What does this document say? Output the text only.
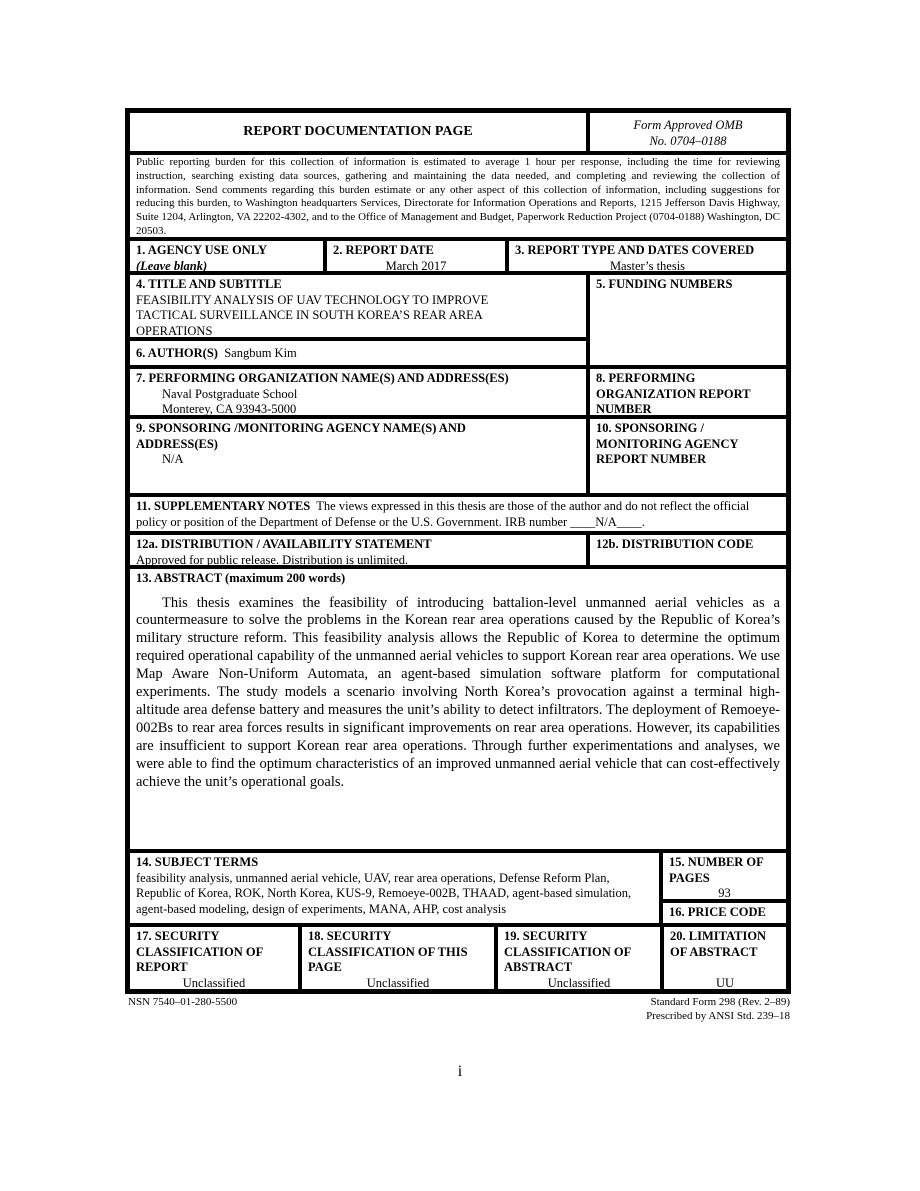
REPORT DOCUMENTATION PAGE	Form Approved OMB
No. 0704–0188
Public reporting burden for this collection of information is estimated to average 1 hour per response, including the time for reviewing instruction, searching existing data sources, gathering and maintaining the data needed, and completing and reviewing the collection of information. Send comments regarding this burden estimate or any other aspect of this collection of information, including suggestions for reducing this burden, to Washington headquarters Services, Directorate for Information Operations and Reports, 1215 Jefferson Davis Highway, Suite 1204, Arlington, VA 22202-4302, and to the Office of Management and Budget, Paperwork Reduction Project (0704-0188) Washington, DC 20503.
1. AGENCY USE ONLY
(Leave blank)
2. REPORT DATE
March 2017
3. REPORT TYPE AND DATES COVERED
Master’s thesis
4. TITLE AND SUBTITLE
FEASIBILITY ANALYSIS OF UAV TECHNOLOGY TO IMPROVE TACTICAL SURVEILLANCE IN SOUTH KOREA’S REAR AREA OPERATIONS
5. FUNDING NUMBERS
6. AUTHOR(S) Sangbum Kim
7. PERFORMING ORGANIZATION NAME(S) AND ADDRESS(ES)
Naval Postgraduate School
Monterey, CA 93943-5000
8. PERFORMING
ORGANIZATION REPORT
NUMBER
9. SPONSORING /MONITORING AGENCY NAME(S) AND
ADDRESS(ES)
N/A
10. SPONSORING /
MONITORING AGENCY
REPORT NUMBER
11. SUPPLEMENTARY NOTES The views expressed in this thesis are those of the author and do not reflect the official policy or position of the Department of Defense or the U.S. Government. IRB number ____N/A____.
12a. DISTRIBUTION / AVAILABILITY STATEMENT
Approved for public release. Distribution is unlimited.
12b. DISTRIBUTION CODE
13. ABSTRACT (maximum 200 words)

This thesis examines the feasibility of introducing battalion-level unmanned aerial vehicles as a countermeasure to solve the problems in the Korean rear area operations caused by the Republic of Korea’s military structure reform. This feasibility analysis allows the Republic of Korea to determine the optimum required operational capability of the unmanned aerial vehicles to support Korean rear area operations. We use Map Aware Non-Uniform Automata, an agent-based simulation software platform for computational experiments. The study models a scenario involving North Korea’s provocation against a terminal high-altitude area defense battery and measures the unit’s ability to detect infiltrators. The deployment of Remoeye-002Bs to rear area forces results in significant improvements on rear area operations. However, its capabilities are insufficient to support Korean rear area operations. Through further experimentations and analyses, we were able to find the optimum characteristics of an improved unmanned aerial vehicle that can cost-effectively achieve the unit’s operational goals.

14. SUBJECT TERMS
feasibility analysis, unmanned aerial vehicle, UAV, rear area operations, Defense Reform Plan, Republic of Korea, ROK, North Korea, KUS-9, Remoeye-002B, THAAD, agent-based simulation, agent-based modeling, design of experiments, MANA, AHP, cost analysis
15. NUMBER OF
PAGES
93
16. PRICE CODE
17. SECURITY
CLASSIFICATION OF
REPORT
Unclassified
18. SECURITY
CLASSIFICATION OF THIS
PAGE
Unclassified
19. SECURITY
CLASSIFICATION OF
ABSTRACT
Unclassified
20. LIMITATION
OF ABSTRACT

UU
NSN 7540–01-280-5500	Standard Form 298 (Rev. 2–89)
Prescribed by ANSI Std. 239–18
i
